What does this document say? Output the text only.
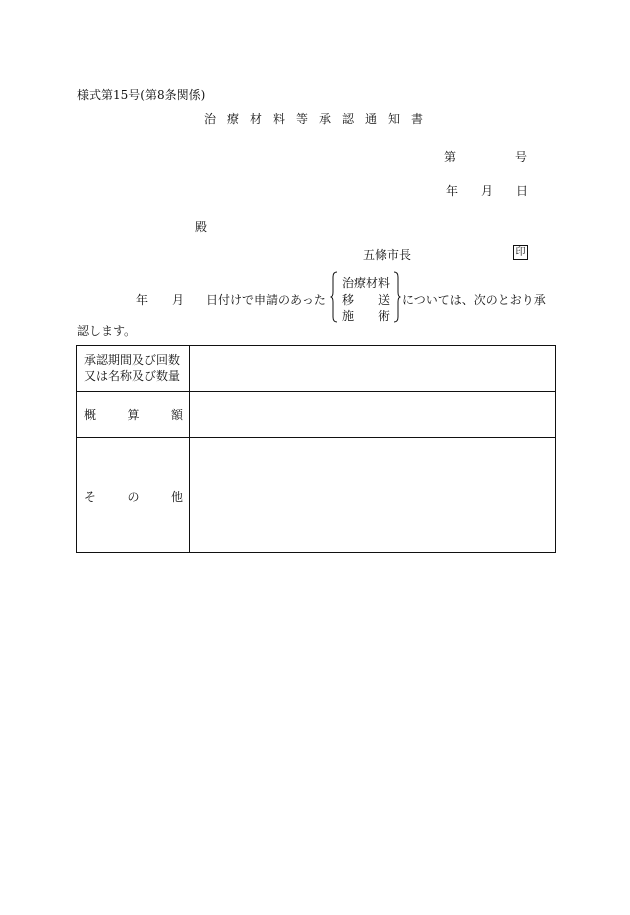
様式第15号(第8条関係)
治療材料等承認通知書
第	号
年 月 日
殿
五條市長	印
年 月 日付けで申請のあった
治療材料
移送
施術
については、次のとおり承
認します。
承認期間及び回数
又は名称及び数量
概	算	額
そ	の	他
